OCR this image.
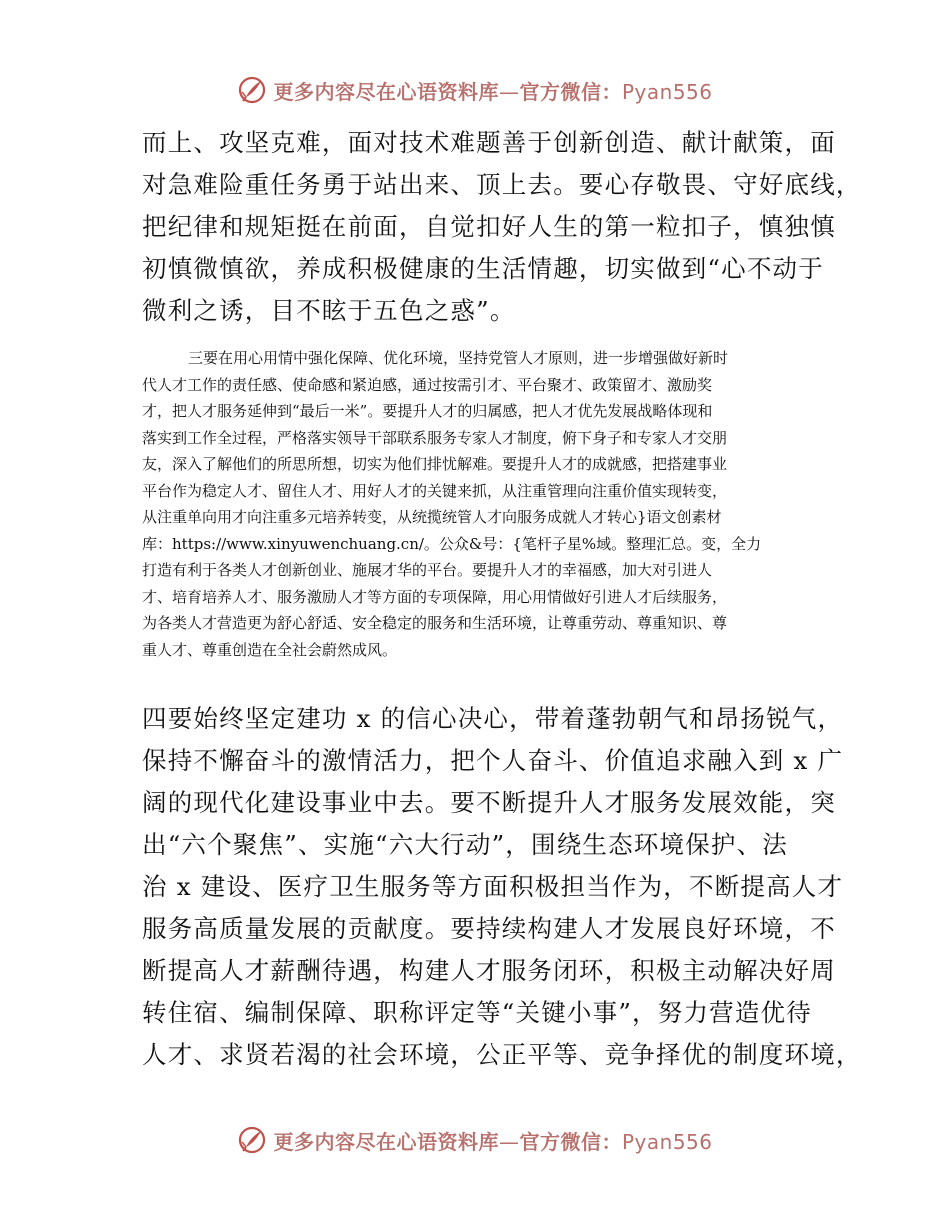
更多内容尽在心语资料库—官方微信：Pyan556
而上、攻坚克难，面对技术难题善于创新创造、献计献策，面
对急难险重任务勇于站出来、顶上去。要心存敬畏、守好底线，
把纪律和规矩挺在前面，自觉扣好人生的第一粒扣子，慎独慎
初慎微慎欲，养成积极健康的生活情趣，切实做到“心不动于
微利之诱，目不眩于五色之惑”。
三要在用心用情中强化保障、优化环境，坚持党管人才原则，进一步增强做好新时
代人才工作的责任感、使命感和紧迫感，通过按需引才、平台聚才、政策留才、激励奖
才，把人才服务延伸到“最后一米”。要提升人才的归属感，把人才优先发展战略体现和
落实到工作全过程，严格落实领导干部联系服务专家人才制度，俯下身子和专家人才交朋
友，深入了解他们的所思所想，切实为他们排忧解难。要提升人才的成就感，把搭建事业
平台作为稳定人才、留住人才、用好人才的关键来抓，从注重管理向注重价值实现转变，
从注重单向用才向注重多元培养转变，从统揽统管人才向服务成就人才转心}语文创素材
库：https://www.xinyuwenchuang.cn/。公众&号：{笔杆子星%域。整理汇总。变，全力
打造有利于各类人才创新创业、施展才华的平台。要提升人才的幸福感，加大对引进人
才、培育培养人才、服务激励人才等方面的专项保障，用心用情做好引进人才后续服务，
为各类人才营造更为舒心舒适、安全稳定的服务和生活环境，让尊重劳动、尊重知识、尊
重人才、尊重创造在全社会蔚然成风。
四要始终坚定建功 x 的信心决心，带着蓬勃朝气和昂扬锐气，
保持不懈奋斗的激情活力，把个人奋斗、价值追求融入到 x 广
阔的现代化建设事业中去。要不断提升人才服务发展效能，突
出“六个聚焦”、实施“六大行动”，围绕生态环境保护、法
治 x 建设、医疗卫生服务等方面积极担当作为，不断提高人才
服务高质量发展的贡献度。要持续构建人才发展良好环境，不
断提高人才薪酬待遇，构建人才服务闭环，积极主动解决好周
转住宿、编制保障、职称评定等“关键小事”，努力营造优待
人才、求贤若渴的社会环境，公正平等、竞争择优的制度环境，
更多内容尽在心语资料库—官方微信：Pyan556
